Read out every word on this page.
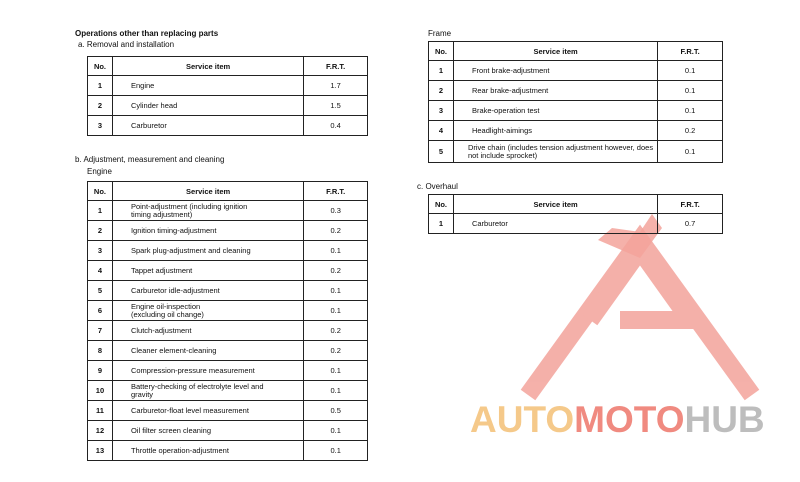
AUTOMOTOHUB
Operations other than replacing parts
a. Removal and installation
No.	Service item	F.R.T.
1	Engine	1.7
2	Cylinder head	1.5
3	Carburetor	0.4
b. Adjustment, measurement and cleaning
Engine
No.	Service item	F.R.T.
1	Point-adjustment (including ignition timing adjustment)	0.3
2	Ignition timing-adjustment	0.2
3	Spark plug-adjustment and cleaning	0.1
4	Tappet adjustment	0.2
5	Carburetor idle-adjustment	0.1
6	Engine oil-inspection (excluding oil change)	0.1
7	Clutch-adjustment	0.2
8	Cleaner element-cleaning	0.2
9	Compression-pressure measurement	0.1
10	Battery-checking of electrolyte level and gravity	0.1
11	Carburetor-float level measurement	0.5
12	Oil filter screen cleaning	0.1
13	Throttle operation-adjustment	0.1
Frame
No.	Service item	F.R.T.
1	Front brake-adjustment	0.1
2	Rear brake-adjustment	0.1
3	Brake-operation test	0.1
4	Headlight-aimings	0.2
5	Drive chain (includes tension adjustment however, does not include sprocket)	0.1
c. Overhaul
No.	Service item	F.R.T.
1	Carburetor	0.7
